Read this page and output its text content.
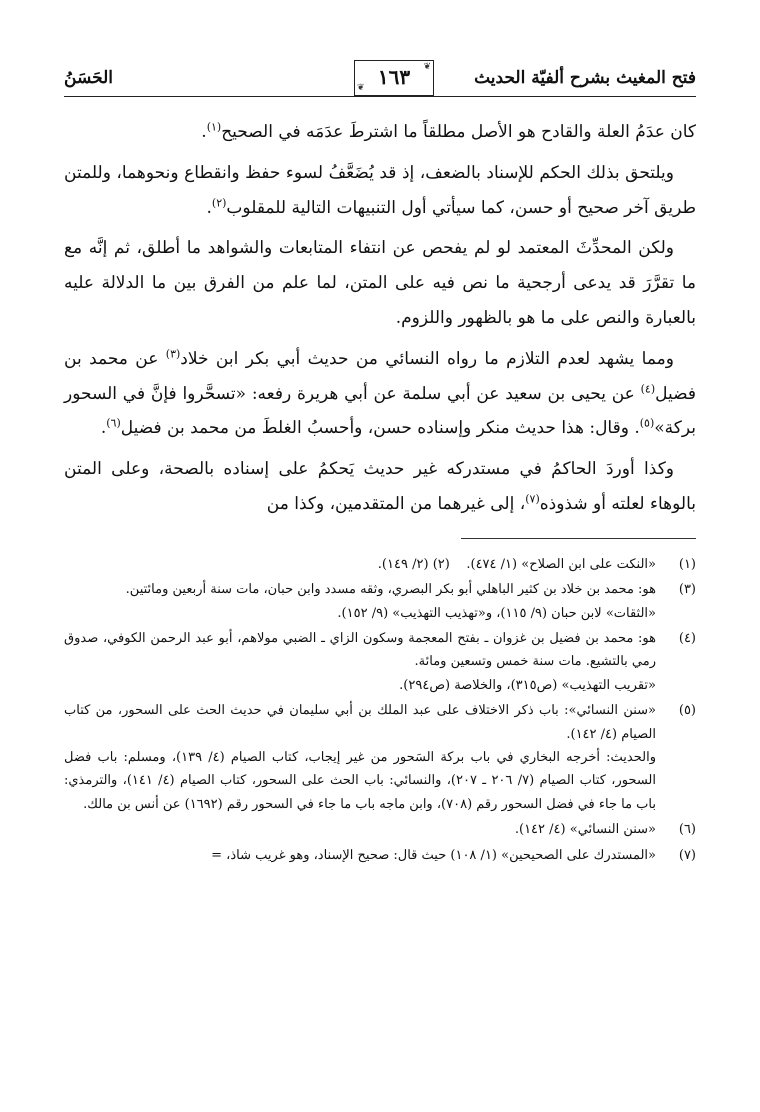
فتح المغيث بشرح ألفيّة الحديث
❦
❦ ١٦٣
الحَسَنُ

كان عدَمُ العلة والقادح هو الأصل مطلقاً ما اشترطَ عدَمَه في الصحيح$^{(١)}$.

ويلتحق بذلك الحكم للإسناد بالضعف، إذ قد يُضَعَّفُ لسوء حفظ وانقطاع ونحوهما، وللمتن طريق آخر صحيح أو حسن، كما سيأتي أول التنبيهات التالية للمقلوب$^{(٢)}$.

ولكن المحدِّثَ المعتمد لو لم يفحص عن انتفاء المتابعات والشواهد ما أطلق، ثم إنَّه مع ما تقرَّرَ قد يدعى أرجحية ما نص فيه على المتن، لما علم من الفرق بين ما الدلالة عليه بالعبارة والنص على ما هو بالظهور واللزوم.

ومما يشهد لعدم التلازم ما رواه النسائي من حديث أبي بكر ابن خلاد$^{(٣)}$ عن محمد بن فضيل$^{(٤)}$ عن يحيى بن سعيد عن أبي سلمة عن أبي هريرة رفعه: «تسحَّروا فإنَّ في السحور بركة»$^{(٥)}$. وقال: هذا حديث منكر وإسناده حسن، وأحسبُ الغلطَ من محمد بن فضيل$^{(٦)}$.

وكذا أوردَ الحاكمُ في مستدركه غير حديث يَحكمُ على إسناده بالصحة، وعلى المتن بالوهاء لعلته أو شذوذه$^{(٧)}$، إلى غيرهما من المتقدمين، وكذا من

(١)
«النكت على ابن الصلاح» (١/ ٤٧٤).    (٢) (٢/ ١٤٩).
(٣)
هو: محمد بن خلاد بن كثير الباهلي أبو بكر البصري، وثقه مسدد وابن حبان، مات سنة أربعين ومائتين.
«الثقات» لابن حبان (٩/ ١١٥)، و«تهذيب التهذيب» (٩/ ١٥٢).
(٤)
هو: محمد بن فضيل بن غزوان ـ بفتح المعجمة وسكون الزاي ـ الضبي مولاهم، أبو عبد الرحمن الكوفي، صدوق رمي بالتشيع. مات سنة خمس وتسعين ومائة.
«تقريب التهذيب» (ص٣١٥)، والخلاصة (ص٢٩٤).
(٥)
«سنن النسائي»: باب ذكر الاختلاف على عبد الملك بن أبي سليمان في حديث الحث على السحور، من كتاب الصيام (٤/ ١٤٢).
والحديث: أخرجه البخاري في باب بركة السَحور من غير إيجاب، كتاب الصيام (٤/ ١٣٩)، ومسلم: باب فضل السحور، كتاب الصيام (٧/ ٢٠٦ ـ ٢٠٧)، والنسائي: باب الحث على السحور، كتاب الصيام (٤/ ١٤١)، والترمذي: باب ما جاء في فضل السحور رقم (٧٠٨)، وابن ماجه باب ما جاء في السحور رقم (١٦٩٢) عن أنس بن مالك.
(٦)
«سنن النسائي» (٤/ ١٤٢).
(٧)
«المستدرك على الصحيحين» (١/ ١٠٨) حيث قال: صحيح الإسناد، وهو غريب شاذ، =
